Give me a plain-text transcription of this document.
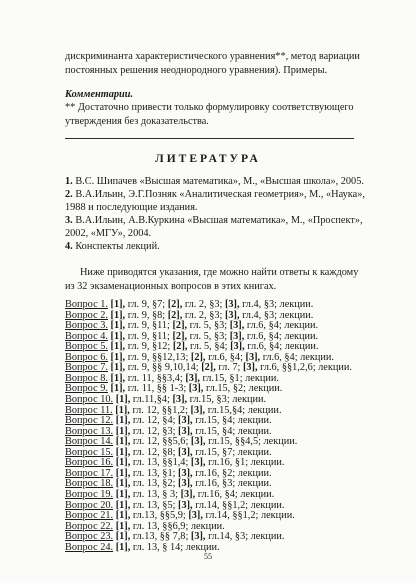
дискриминанта характеристического уравнения**, метод вариации
постоянных решения неоднородного уравнения). Примеры.
Комментарии.
** Достаточно привести только формулировку соответствующего
утверждения без доказательства.
ЛИТЕРАТУРА
1. В.С. Шипачев «Высшая математика», М., «Высшая школа», 2005.
2. В.А.Ильин, Э.Г.Позняк «Аналитическая геометрия», М., «Наука»,
1988 и последующие издания.
3. В.А.Ильин, А.В.Куркина «Высшая математика», М., «Проспект»,
2002, «МГУ», 2004.
4. Конспекты лекций.
Ниже приводятся указания, где можно найти ответы к каждому
из 32 экзаменационных вопросов в этих книгах.
Вопрос 1. [1], гл. 9, §7; [2], гл. 2, §3; [3], гл.4, §3; лекции.
Вопрос 2. [1], гл. 9, §8; [2], гл. 2, §3; [3], гл.4, §3; лекции.
Вопрос 3. [1], гл. 9, §11; [2], гл. 5, §3; [3], гл.6, §4; лекции.
Вопрос 4. [1], гл. 9, §11; [2], гл. 5, §3; [3], гл.6, §4; лекции.
Вопрос 5. [1], гл. 9, §12; [2], гл. 5, §4; [3], гл.6, §4; лекции.
Вопрос 6. [1], гл. 9, §§12,13; [2], гл.6, §4; [3], гл.6, §4; лекции.
Вопрос 7. [1], гл. 9, §§ 9,10,14; [2], гл. 7; [3], гл.6, §§1,2,6; лекции.
Вопрос 8. [1], гл. 11, §§3,4; [3], гл.15, §1; лекции.
Вопрос 9. [1], гл. 11, §§ 1-3; [3], гл.15, §2; лекции.
Вопрос 10. [1], гл.11,§4; [3], гл.15, §3; лекции.
Вопрос 11. [1], гл. 12, §§1,2; [3], гл.15,§4; лекции.
Вопрос 12. [1], гл. 12, §4; [3], гл.15, §4; лекции.
Вопрос 13. [1], гл. 12, §3; [3], гл.15, §4; лекции.
Вопрос 14. [1], гл. 12, §§5,6; [3], гл.15, §§4,5; лекции.
Вопрос 15. [1], гл. 12, §8; [3], гл.15, §7; лекции.
Вопрос 16. [1], гл. 13, §§1,4; [3], гл.16, §1; лекции.
Вопрос 17. [1], гл. 13, §1; [3], гл.16, §2; лекции.
Вопрос 18. [1], гл. 13, §2; [3], гл.16, §3; лекции.
Вопрос 19. [1], гл. 13, § 3; [3], гл.16, §4; лекции.
Вопрос 20. [1], гл. 13, §5; [3], гл.14, §§1,2; лекции.
Вопрос 21. [1], гл.13, §§5,9; [3], гл.14, §§1,2; лекции.
Вопрос 22. [1], гл. 13, §§6,9; лекции.
Вопрос 23. [1], гл.13, §§ 7,8; [3], гл.14, §3; лекции.
Вопрос 24. [1], гл. 13, § 14; лекции.
55
